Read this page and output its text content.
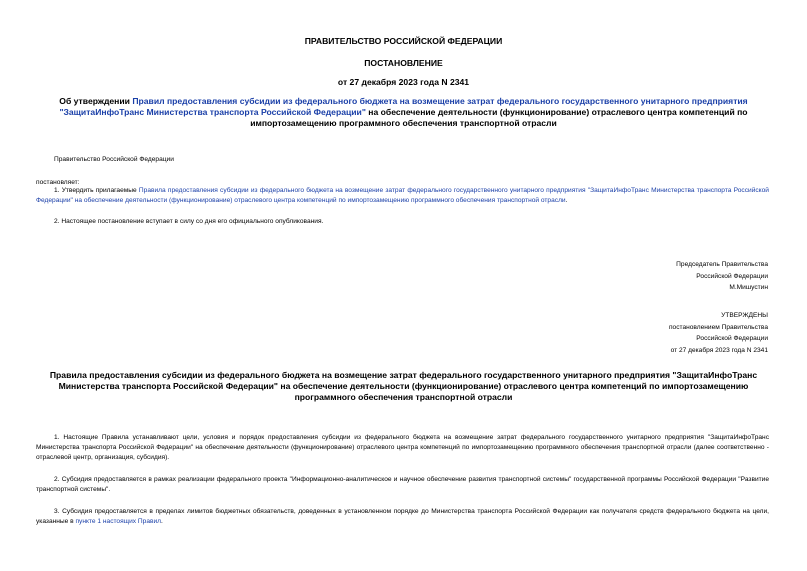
ПРАВИТЕЛЬСТВО РОССИЙСКОЙ ФЕДЕРАЦИИ
ПОСТАНОВЛЕНИЕ
от 27 декабря 2023 года N 2341
Об утверждении Правил предоставления субсидии из федерального бюджета на возмещение затрат федерального государственного унитарного предприятия "ЗащитаИнфоТранс Министерства транспорта Российской Федерации" на обеспечение деятельности (функционирование) отраслевого центра компетенций по импортозамещению программного обеспечения транспортной отрасли
Правительство Российской Федерации
постановляет:
1. Утвердить прилагаемые Правила предоставления субсидии из федерального бюджета на возмещение затрат федерального государственного унитарного предприятия "ЗащитаИнфоТранс Министерства транспорта Российской Федерации" на обеспечение деятельности (функционирование) отраслевого центра компетенций по импортозамещению программного обеспечения транспортной отрасли.
2. Настоящее постановление вступает в силу со дня его официального опубликования.
Председатель Правительства
Российской Федерации
М.Мишустин
УТВЕРЖДЕНЫ
постановлением Правительства
Российской Федерации
от 27 декабря 2023 года N 2341
Правила предоставления субсидии из федерального бюджета на возмещение затрат федерального государственного унитарного предприятия "ЗащитаИнфоТранс Министерства транспорта Российской Федерации" на обеспечение деятельности (функционирование) отраслевого центра компетенций по импортозамещению программного обеспечения транспортной отрасли
1. Настоящие Правила устанавливают цели, условия и порядок предоставления субсидии из федерального бюджета на возмещение затрат федерального государственного унитарного предприятия "ЗащитаИнфоТранс Министерства транспорта Российской Федерации" на обеспечение деятельности (функционирование) отраслевого центра компетенций по импортозамещению программного обеспечения транспортной отрасли (далее соответственно - отраслевой центр, организация, субсидия).
2. Субсидия предоставляется в рамках реализации федерального проекта "Информационно-аналитическое и научное обеспечение развития транспортной системы" государственной программы Российской Федерации "Развитие транспортной системы".
3. Субсидия предоставляется в пределах лимитов бюджетных обязательств, доведенных в установленном порядке до Министерства транспорта Российской Федерации как получателя средств федерального бюджета на цели, указанные в пункте 1 настоящих Правил.
